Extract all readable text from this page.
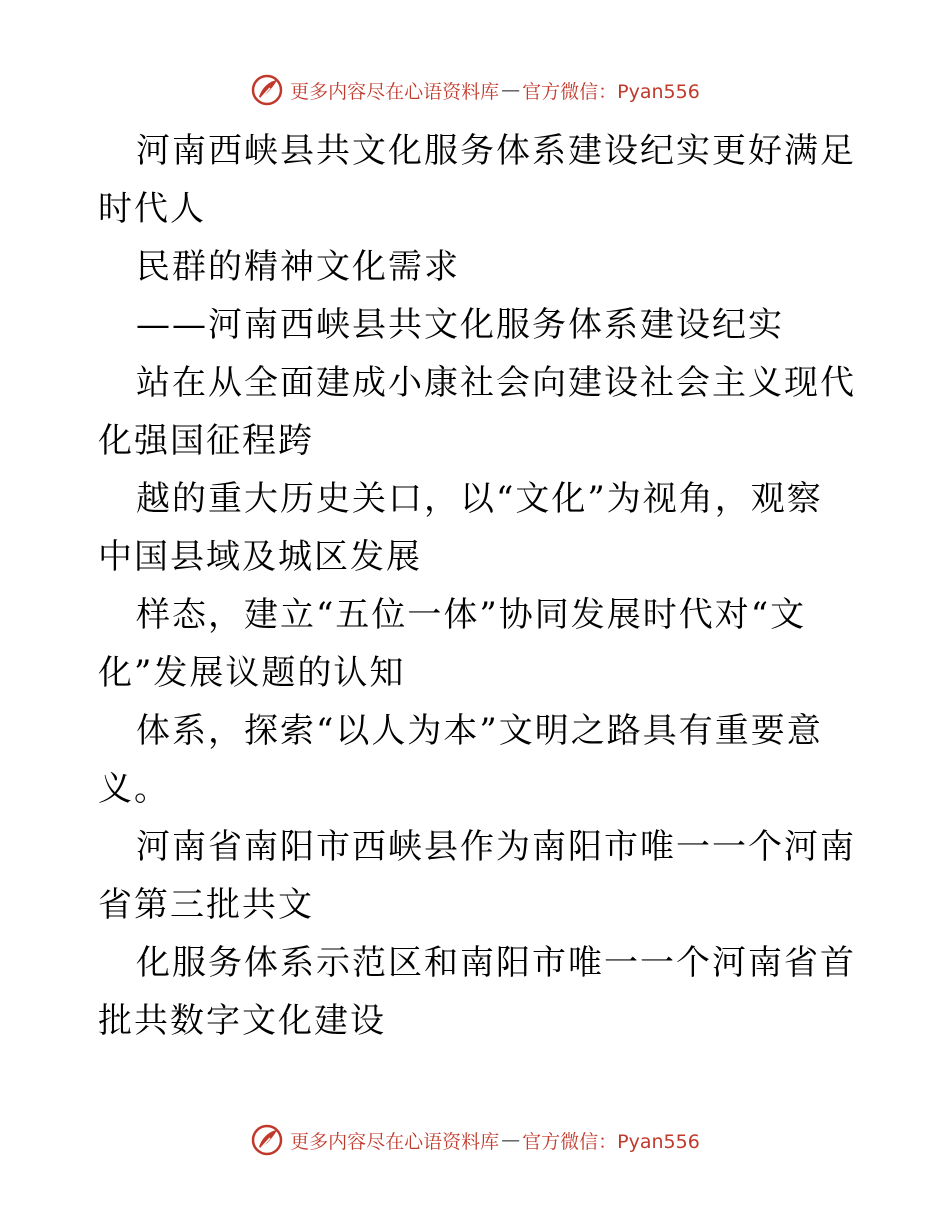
更多内容尽在心语资料库 — 官方微信：Pyan556

河南西峡县共文化服务体系建设纪实更好满足时代人

民群的精神文化需求

——河南西峡县共文化服务体系建设纪实

站在从全面建成小康社会向建设社会主义现代化强国征程跨

越的重大历史关口，以“文化”为视角，观察中国县域及城区发展

样态，建立“五位一体”协同发展时代对“文化”发展议题的认知

体系，探索“以人为本”文明之路具有重要意义。

河南省南阳市西峡县作为南阳市唯一一个河南省第三批共文

化服务体系示范区和南阳市唯一一个河南省首批共数字文化建设

更多内容尽在心语资料库 — 官方微信：Pyan556
